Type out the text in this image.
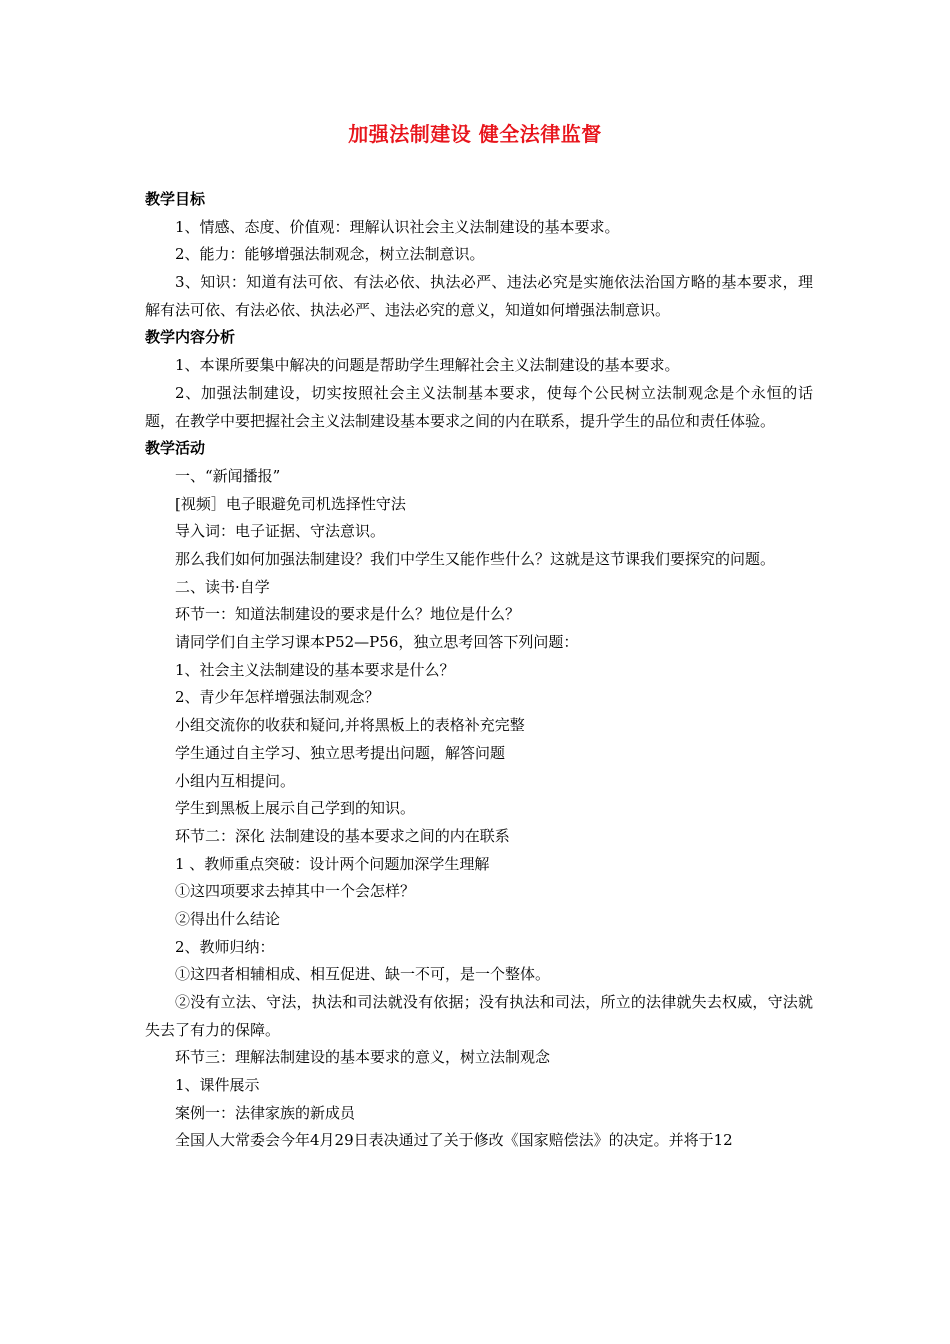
加强法制建设 健全法律监督
教学目标
1、情感、态度、价值观：理解认识社会主义法制建设的基本要求。
2、能力：能够增强法制观念，树立法制意识。
3、知识：知道有法可依、有法必依、执法必严、违法必究是实施依法治国方略的基本要求，理解有法可依、有法必依、执法必严、违法必究的意义，知道如何增强法制意识。
教学内容分析
1、本课所要集中解决的问题是帮助学生理解社会主义法制建设的基本要求。
2、加强法制建设，切实按照社会主义法制基本要求，使每个公民树立法制观念是个永恒的话题，在教学中要把握社会主义法制建设基本要求之间的内在联系，提升学生的品位和责任体验。
教学活动
一、“新闻播报”
[视频］电子眼避免司机选择性守法
导入词：电子证据、守法意识。
那么我们如何加强法制建设？我们中学生又能作些什么？这就是这节课我们要探究的问题。
二、读书·自学
环节一：知道法制建设的要求是什么？地位是什么？
请同学们自主学习课本P52—P56，独立思考回答下列问题：
1、社会主义法制建设的基本要求是什么？
2、青少年怎样增强法制观念？
小组交流你的收获和疑问,并将黑板上的表格补充完整
学生通过自主学习、独立思考提出问题，解答问题
小组内互相提问。
学生到黑板上展示自己学到的知识。
环节二：深化 法制建设的基本要求之间的内在联系
1 、教师重点突破：设计两个问题加深学生理解
①这四项要求去掉其中一个会怎样？
②得出什么结论
2、教师归纳：
①这四者相辅相成、相互促进、缺一不可，是一个整体。
②没有立法、守法，执法和司法就没有依据；没有执法和司法，所立的法律就失去权威，守法就失去了有力的保障。
环节三：理解法制建设的基本要求的意义，树立法制观念
1、课件展示
案例一：法律家族的新成员
全国人大常委会今年4月29日表决通过了关于修改《国家赔偿法》的决定。并将于12
